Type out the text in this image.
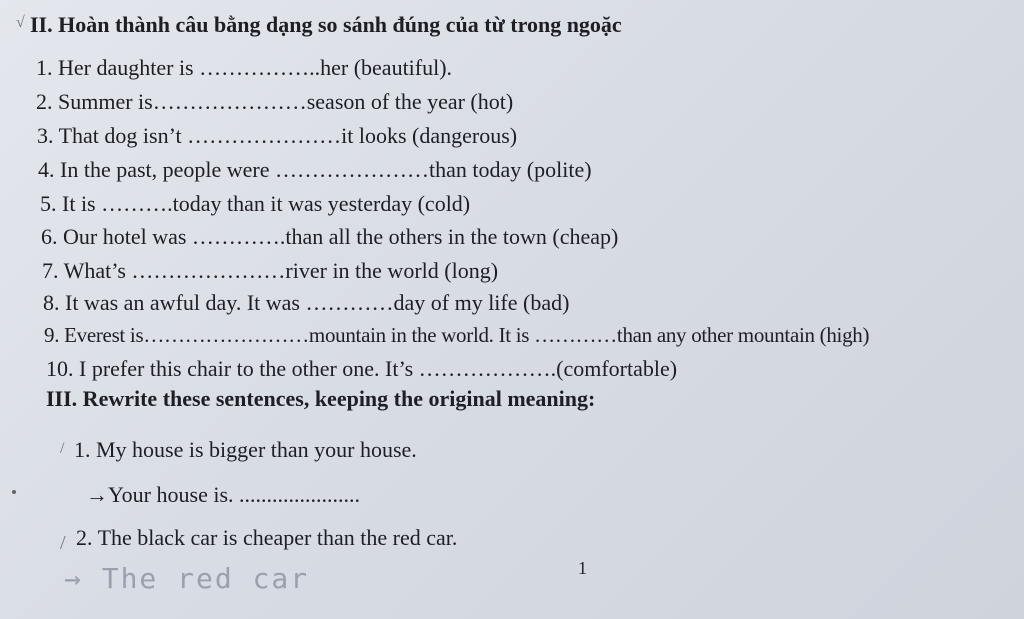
√ II. Hoàn thành câu bằng dạng so sánh đúng của từ trong ngoặc
1. Her daughter is ……………..her (beautiful).
2. Summer is…………………season of the year (hot)
3. That dog isn’t …………………it looks (dangerous)
4. In the past, people were …………………than today (polite)
5. It is ……….today than it was yesterday (cold)
6. Our hotel was ………….than all the others in the town (cheap)
7. What’s …………………river in the world (long)
8. It was an awful day. It was …………day of my life (bad)
9. Everest is……………………mountain in the world. It is …………than any other mountain (high)
10. I prefer this chair to the other one. It’s ……………….(comfortable)
III. Rewrite these sentences, keeping the original meaning:
/ 1. My house is bigger than your house.
→Your house is. ......................
/ 2. The black car is cheaper than the red car.
1
→ The red car
